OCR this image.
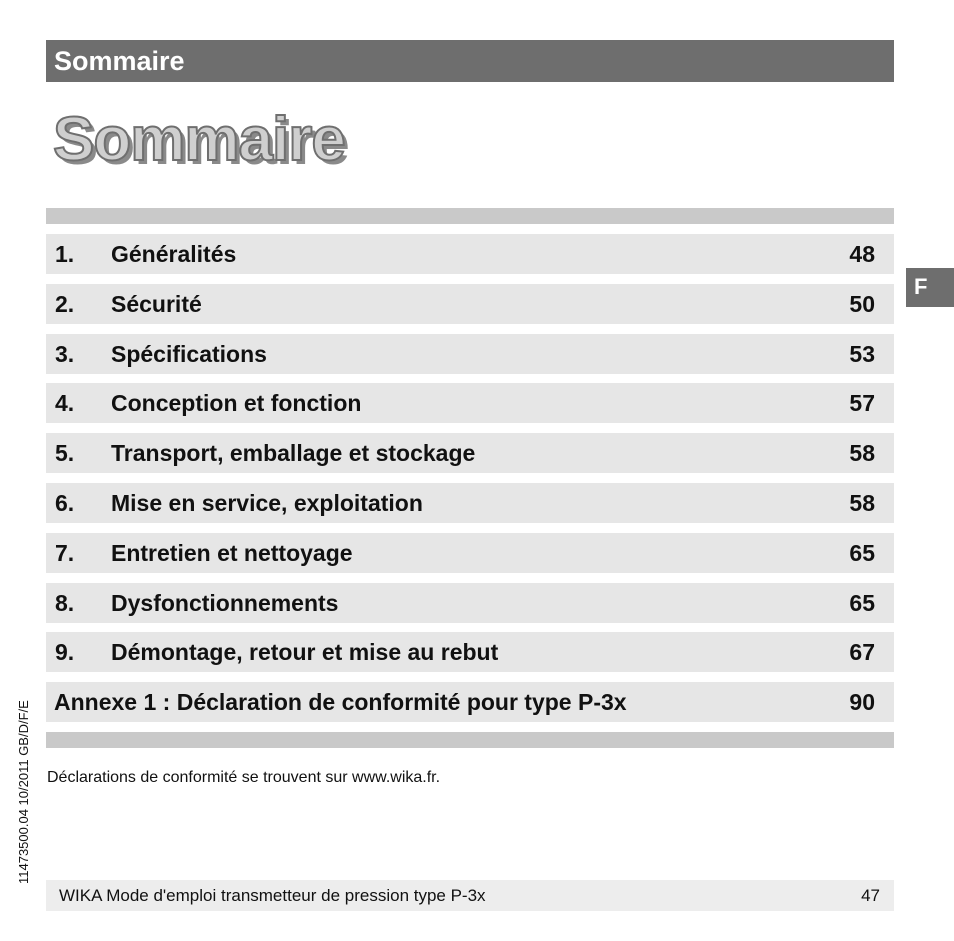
Sommaire
Sommaire
F
1. Généralités	48
2. Sécurité	50
3. Spécifications	53
4. Conception et fonction	57
5. Transport, emballage et stockage	58
6. Mise en service, exploitation	58
7. Entretien et nettoyage	65
8. Dysfonctionnements	65
9. Démontage, retour et mise au rebut	67
Annexe 1 : Déclaration de conformité pour type P-3x	90
Déclarations de conformité se trouvent sur www.wika.fr.
11473500.04 10/2011 GB/D/F/E
WIKA Mode d'emploi transmetteur de pression type P-3x	47
